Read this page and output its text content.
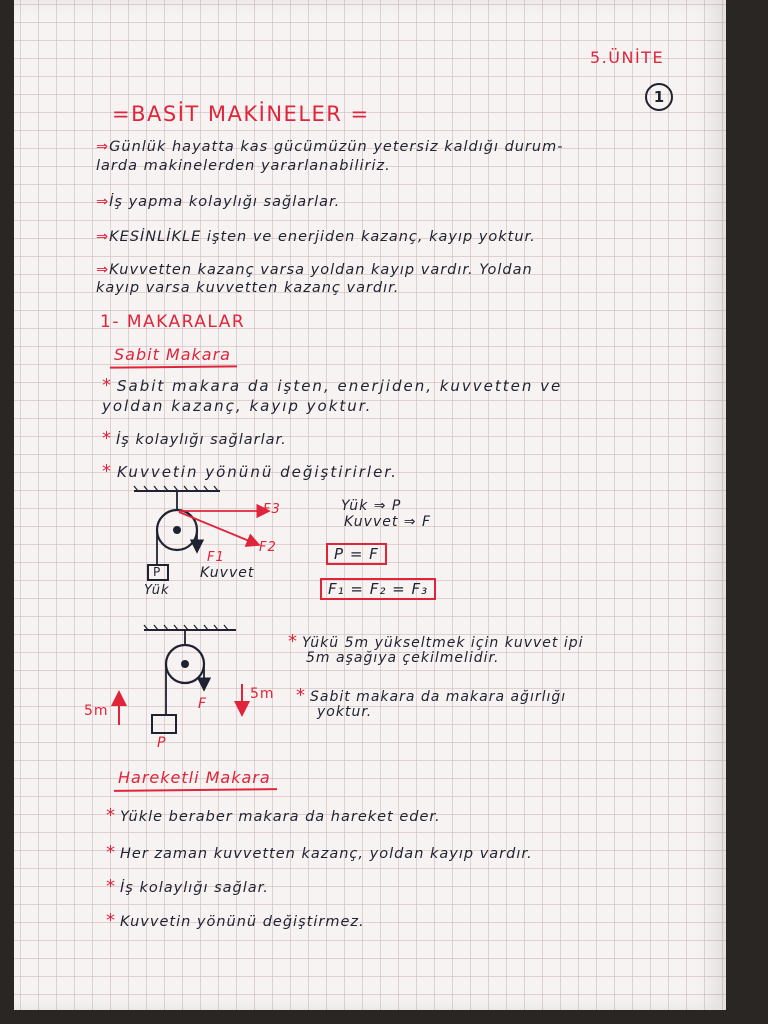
5.ÜNİTE
1
=BASİT MAKİNELER =
⇒Günlük hayatta kas gücümüzün yetersiz kaldığı durum-
larda makinelerden yararlanabiliriz.
⇒İş yapma kolaylığı sağlarlar.
⇒KESİNLİKLE işten ve enerjiden kazanç, kayıp yoktur.
⇒Kuvvetten kazanç varsa yoldan kayıp vardır. Yoldan
kayıp varsa kuvvetten kazanç vardır.
1- MAKARALAR
Sabit Makara
* Sabit makara da işten, enerjiden, kuvvetten ve
yoldan kazanç, kayıp yoktur.
* İş kolaylığı sağlarlar.
* Kuvvetin yönünü değiştirirler.
F3
F2
F1
Kuvvet
P
Yük
Yük ⇒ P
Kuvvet ⇒ F
P = F
F₁ = F₂ = F₃
5m
5m
F
P
* Yükü 5m yükseltmek için kuvvet ipi
5m aşağıya çekilmelidir.
* Sabit makara da makara ağırlığı
yoktur.
Hareketli Makara
* Yükle beraber makara da hareket eder.
* Her zaman kuvvetten kazanç, yoldan kayıp vardır.
* İş kolaylığı sağlar.
* Kuvvetin yönünü değiştirmez.
